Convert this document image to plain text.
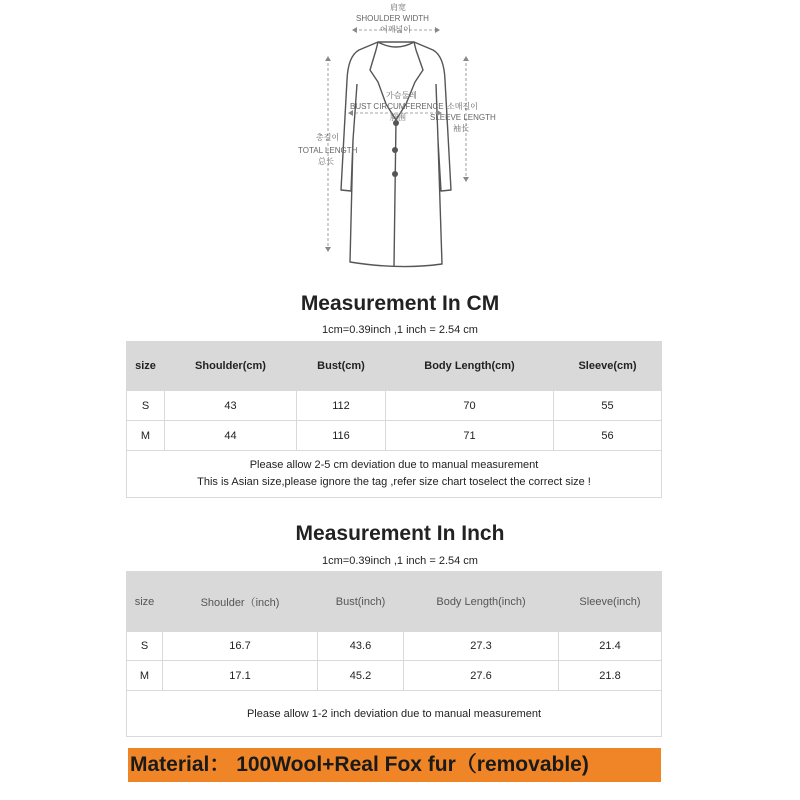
肩宽
SHOULDER WIDTH
어깨넓이
가슴둘레
BUST CIRCUMFERENCE
胸围
소매길이
SLEEVE LENGTH
袖长
총길이
TOTAL LENGTH
总长
Measurement In CM
1cm=0.39inch ,1 inch = 2.54 cm
size	Shoulder(cm)	Bust(cm)	Body Length(cm)	Sleeve(cm)
S	43	112	70	55
M	44	116	71	56

Please allow 2-5 cm deviation due to manual measurement
This is Asian size,please ignore the tag ,refer size chart toselect the correct size !				
Measurement In Inch
1cm=0.39inch ,1 inch = 2.54 cm
size	Shoulder（inch)	Bust(inch)	Body Length(inch)	Sleeve(inch)
S	16.7	43.6	27.3	21.4
M	17.1	45.2	27.6	21.8
Please allow 1-2 inch deviation due to manual measurement				
Material： 100Wool+Real Fox fur（removable)
